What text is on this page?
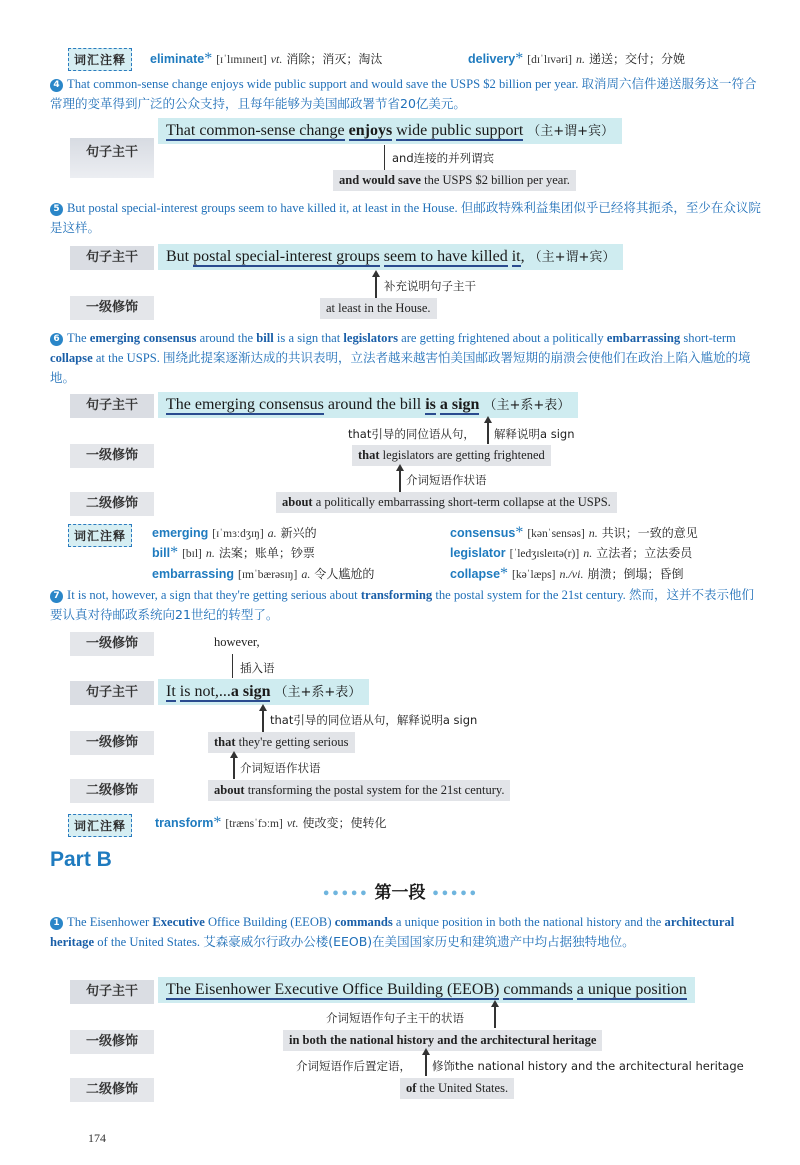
词汇注释	eliminate* [ɪˈlɪmɪneɪt] vt. 消除；消灭；淘汰	delivery* [dɪˈlɪvəri] n. 递送；交付；分娩
4 That common-sense change enjoys wide public support and would save the USPS $2 billion per year. 取消周六信件递送服务这一符合常理的变革得到广泛的公众支持，且每年能够为美国邮政署节省20亿美元。
句子主干
That common-sense change enjoys wide public support （主+谓+宾）
and连接的并列谓宾
and would save the USPS $2 billion per year.
5 But postal special-interest groups seem to have killed it, at least in the House. 但邮政特殊利益集团似乎已经将其扼杀，至少在众议院是这样。
句子主干	But postal special-interest groups seem to have killed it, （主+谓+宾）
补充说明句子主干
一级修饰	at least in the House.
6 The emerging consensus around the bill is a sign that legislators are getting frightened about a politically embarrassing short-term collapse at the USPS. 围绕此提案逐渐达成的共识表明，立法者越来越害怕美国邮政署短期的崩溃会使他们在政治上陷入尴尬的境地。
句子主干	The emerging consensus around the bill is a sign （主+系+表）
that引导的同位语从句， 解释说明a sign
一级修饰	that legislators are getting frightened
介词短语作状语
二级修饰	about a politically embarrassing short-term collapse at the USPS.
词汇注释	emerging [ɪˈmɜːdʒɪŋ] a. 新兴的	consensus* [kənˈsensəs] n. 共识；一致的意见
bill* [bɪl] n. 法案；账单；钞票	legislator [ˈledʒɪsleɪtə(r)] n. 立法者；立法委员
embarrassing [ɪmˈbærəsɪŋ] a. 令人尴尬的	collapse* [kəˈlæps] n./vi. 崩溃；倒塌；昏倒
7 It is not, however, a sign that they're getting serious about transforming the postal system for the 21st century. 然而，这并不表示他们要认真对待邮政系统向21世纪的转型了。
一级修饰	however,
插入语
句子主干	It is not,...a sign （主+系+表）
that引导的同位语从句，解释说明a sign
一级修饰	that they're getting serious
介词短语作状语
二级修饰	about transforming the postal system for the 21st century.
词汇注释	transform* [trænsˈfɔːm] vt. 使改变；使转化
Part B
••••• 第一段 •••••
1 The Eisenhower Executive Office Building (EEOB) commands a unique position in both the national history and the architectural heritage of the United States. 艾森豪威尔行政办公楼(EEOB)在美国国家历史和建筑遗产中均占据独特地位。
句子主干	The Eisenhower Executive Office Building (EEOB) commands a unique position
介词短语作句子主干的状语
一级修饰	in both the national history and the architectural heritage
介词短语作后置定语， 修饰the national history and the architectural heritage
二级修饰	of the United States.
174
